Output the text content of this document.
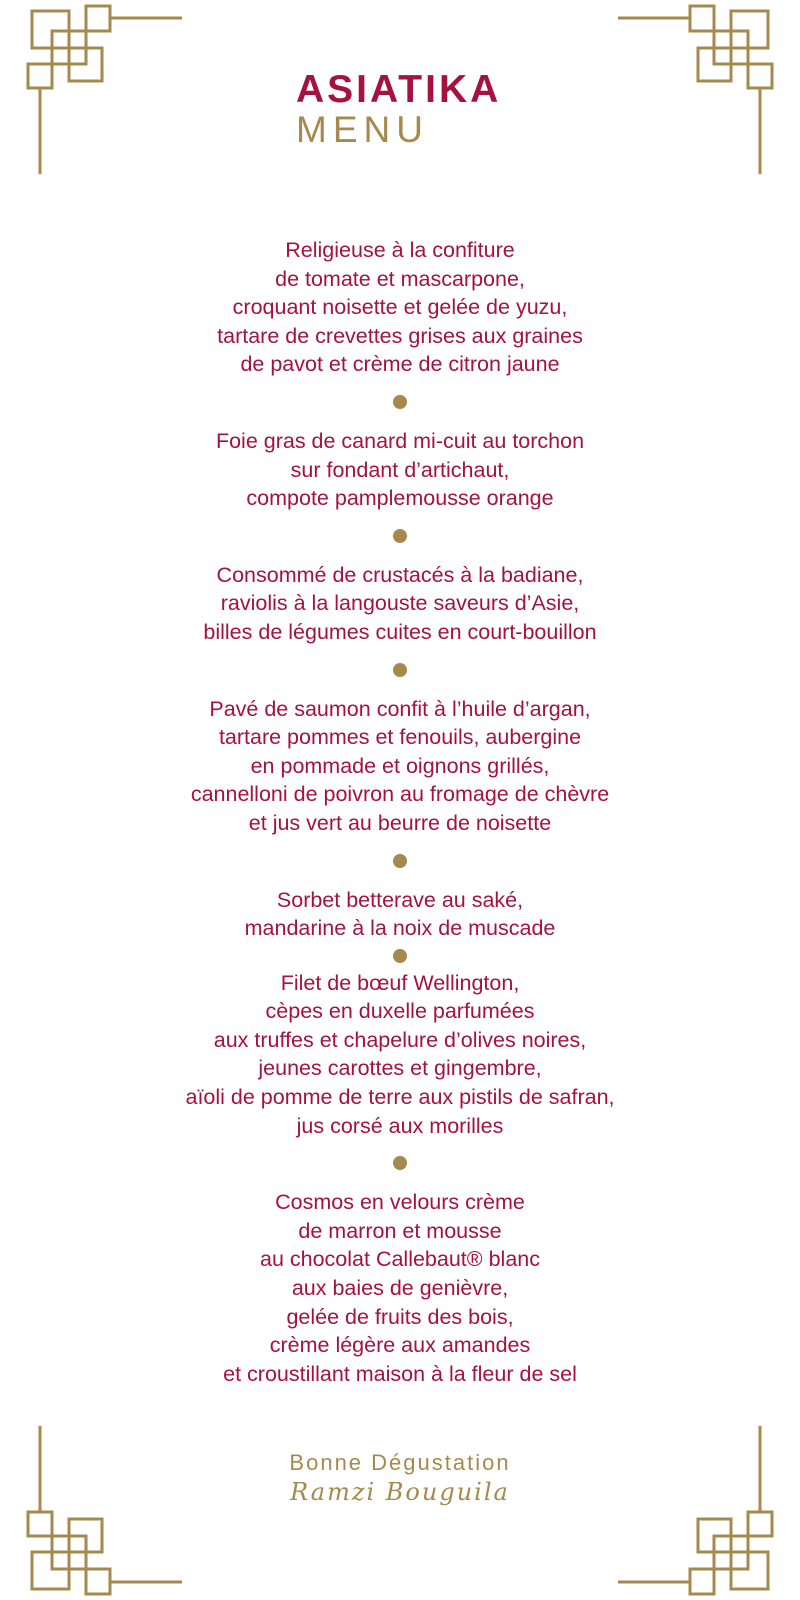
ASIATIKA
MENU
Religieuse à la confiture
de tomate et mascarpone,
croquant noisette et gelée de yuzu,
tartare de crevettes grises aux graines
de pavot et crème de citron jaune
Foie gras de canard mi-cuit au torchon
sur fondant d’artichaut,
compote pamplemousse orange
Consommé de crustacés à la badiane,
raviolis à la langouste saveurs d’Asie,
billes de légumes cuites en court-bouillon
Pavé de saumon confit à l’huile d’argan,
tartare pommes et fenouils, aubergine
en pommade et oignons grillés,
cannelloni de poivron au fromage de chèvre
et jus vert au beurre de noisette
Sorbet betterave au saké,
mandarine à la noix de muscade
Filet de bœuf Wellington,
cèpes en duxelle parfumées
aux truffes et chapelure d’olives noires,
jeunes carottes et gingembre,
aïoli de pomme de terre aux pistils de safran,
jus corsé aux morilles
Cosmos en velours crème
de marron et mousse
au chocolat Callebaut® blanc
aux baies de genièvre,
gelée de fruits des bois,
crème légère aux amandes
et croustillant maison à la fleur de sel
Bonne Dégustation
Ramzi Bouguila
